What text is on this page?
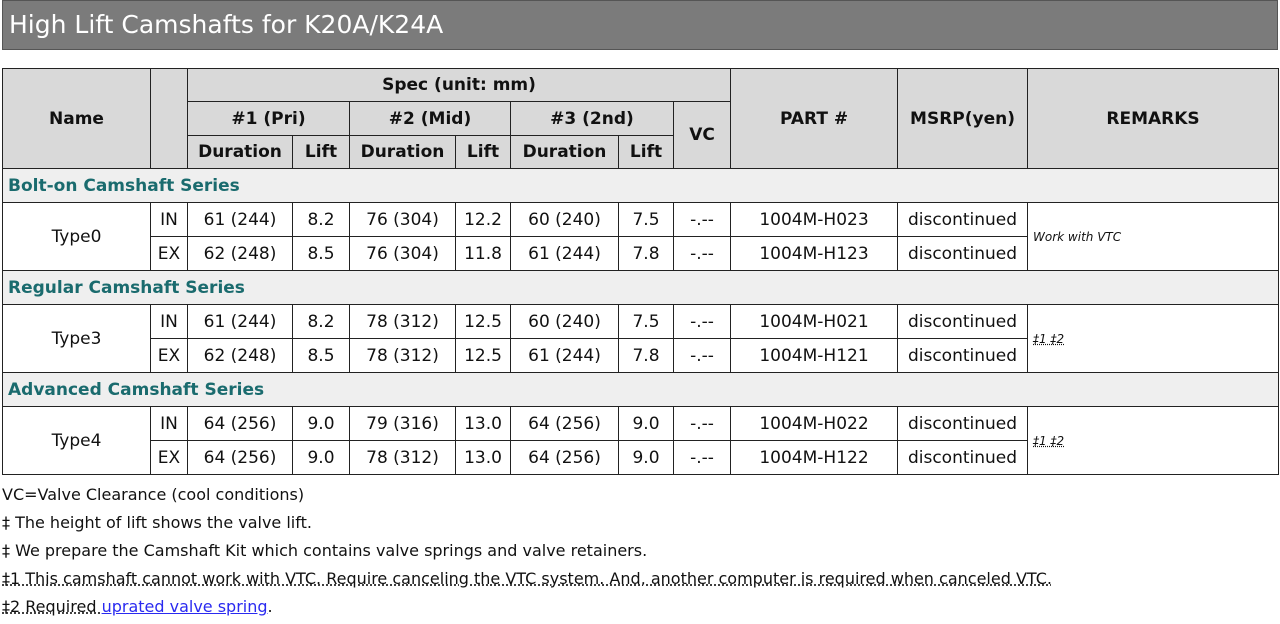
High Lift Camshafts for K20A/K24A
Name		Spec (unit: mm)							PART #	MSRP(yen)	REMARKS
		#1 (Pri)		#2 (Mid)		#3 (2nd)		VC			
		Duration	Lift	Duration	Lift	Duration	Lift				
Bolt-on Camshaft Series											
Type0	IN	61 (244)	8.2	76 (304)	12.2	60 (240)	7.5	-.--	1004M-H023	discontinued	Work with VTC
	EX	62 (248)	8.5	76 (304)	11.8	61 (244)	7.8	-.--	1004M-H123	discontinued	
Regular Camshaft Series											
Type3	IN	61 (244)	8.2	78 (312)	12.5	60 (240)	7.5	-.--	1004M-H021	discontinued	‡1 ‡2
	EX	62 (248)	8.5	78 (312)	12.5	61 (244)	7.8	-.--	1004M-H121	discontinued	
Advanced Camshaft Series											
Type4	IN	64 (256)	9.0	79 (316)	13.0	64 (256)	9.0	-.--	1004M-H022	discontinued	‡1 ‡2
	EX	64 (256)	9.0	78 (312)	13.0	64 (256)	9.0	-.--	1004M-H122	discontinued	
VC=Valve Clearance (cool conditions)
‡ The height of lift shows the valve lift.
‡ We prepare the Camshaft Kit which contains valve springs and valve retainers.
‡1 This camshaft cannot work with VTC. Require canceling the VTC system. And, another computer is required when canceled VTC.
‡2 Required uprated valve spring.
